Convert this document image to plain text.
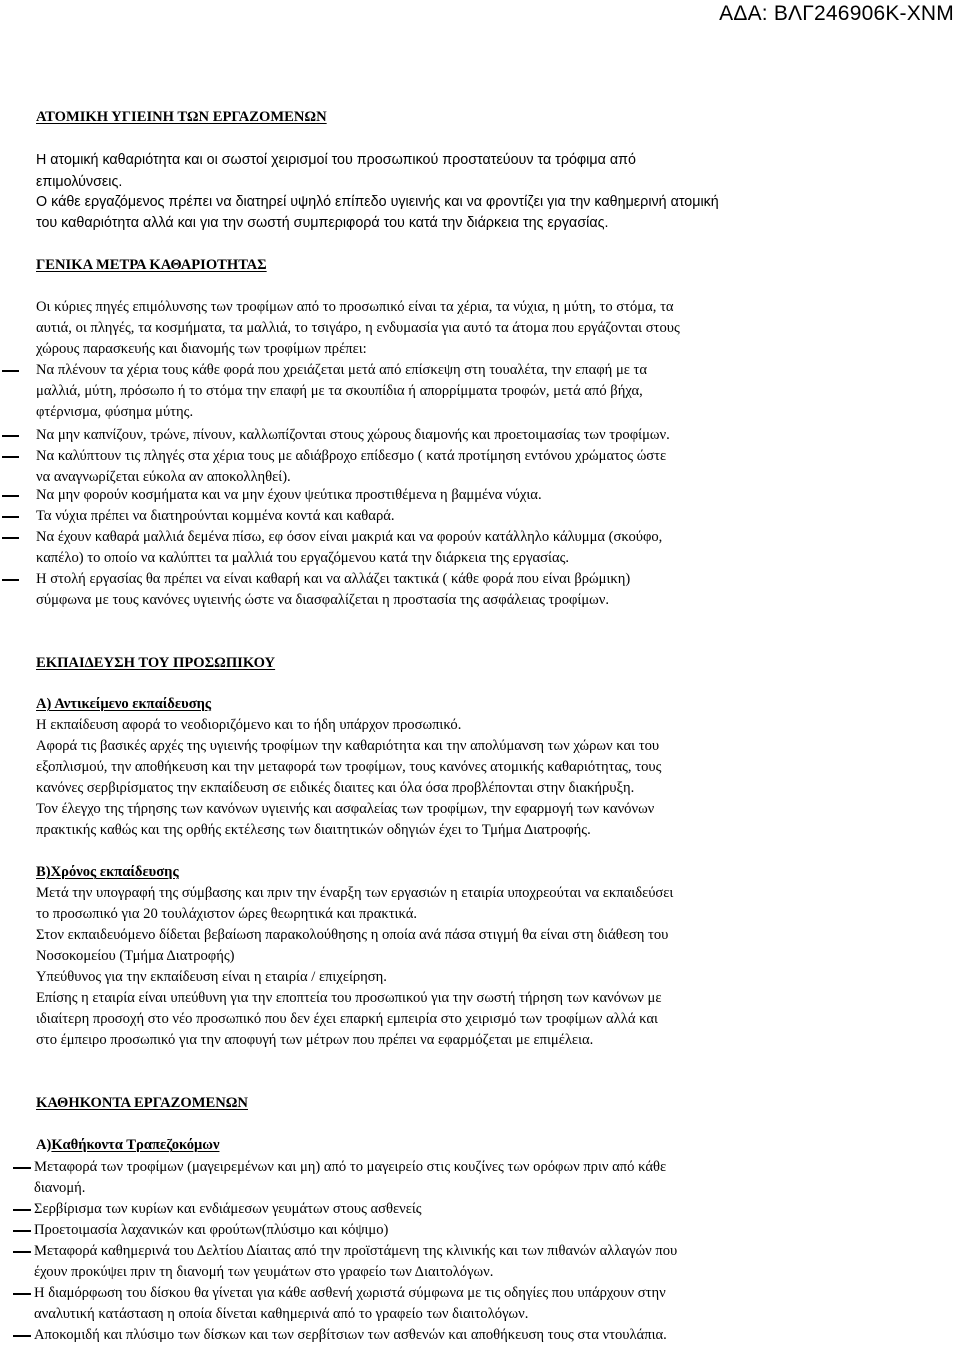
ΑΔΑ: ΒΛΓ246906Κ-ΧΝΜ
ΑΤΟΜΙΚΗ ΥΓΙΕΙΝΗ ΤΩΝ ΕΡΓΑΖΟΜΕΝΩΝ
Η ατομική καθαριότητα και οι σωστοί χειρισμοί του προσωπικού προστατεύουν τα τρόφιμα από
επιμολύνσεις.
Ο κάθε εργαζόμενος πρέπει να διατηρεί υψηλό επίπεδο υγιεινής και να φροντίζει για την καθημερινή ατομική
του καθαριότητα αλλά και για την σωστή συμπεριφορά του κατά την διάρκεια της εργασίας.
ΓΕΝΙΚΑ ΜΕΤΡΑ ΚΑΘΑΡΙΟΤΗΤΑΣ
Οι κύριες πηγές επιμόλυνσης των τροφίμων από το προσωπικό είναι τα χέρια, τα νύχια, η μύτη, το στόμα, τα
αυτιά, οι πληγές, τα κοσμήματα, τα μαλλιά, το τσιγάρο, η ενδυμασία για αυτό τα άτομα που εργάζονται στους
χώρους παρασκευής και διανομής των τροφίμων πρέπει:
Να πλένουν τα χέρια τους κάθε φορά που χρειάζεται μετά από επίσκεψη στη τουαλέτα, την επαφή με τα
μαλλιά, μύτη, πρόσωπο ή το στόμα την επαφή με τα σκουπίδια ή απορρίμματα τροφών, μετά από βήχα,
φτέρνισμα, φύσημα μύτης.
Να μην καπνίζουν, τρώνε, πίνουν, καλλωπίζονται στους χώρους διαμονής και προετοιμασίας των τροφίμων.
Να καλύπτουν τις πληγές στα χέρια τους με αδιάβροχο επίδεσμο ( κατά προτίμηση εντόνου χρώματος ώστε
να αναγνωρίζεται εύκολα αν αποκολληθεί).
Να μην φορούν κοσμήματα και να μην έχουν ψεύτικα προστιθέμενα η βαμμένα νύχια.
Τα νύχια πρέπει να διατηρούνται κομμένα κοντά και καθαρά.
Να έχουν καθαρά μαλλιά δεμένα πίσω, εφ όσον είναι μακριά και να φορούν κατάλληλο κάλυμμα (σκούφο,
καπέλο) το οποίο να καλύπτει τα μαλλιά του εργαζόμενου κατά την διάρκεια της εργασίας.
Η στολή εργασίας θα πρέπει να είναι καθαρή και να αλλάζει τακτικά ( κάθε φορά που είναι βρώμικη)
σύμφωνα με τους κανόνες υγιεινής ώστε να διασφαλίζεται η προστασία της ασφάλειας τροφίμων.
ΕΚΠΑΙΔΕΥΣΗ ΤΟΥ ΠΡΟΣΩΠΙΚΟΥ
Α) Αντικείμενο εκπαίδευσης
Η εκπαίδευση αφορά το νεοδιοριζόμενο και το ήδη υπάρχον προσωπικό.
Αφορά τις βασικές αρχές της υγιεινής τροφίμων την καθαριότητα και την απολύμανση των χώρων και του
εξοπλισμού, την αποθήκευση και την μεταφορά των τροφίμων, τους κανόνες ατομικής καθαριότητας, τους
κανόνες σερβιρίσματος την εκπαίδευση σε ειδικές διαιτες και όλα όσα προβλέπονται στην διακήρυξη.
Τον έλεγχο της τήρησης των κανόνων υγιεινής και ασφαλείας των τροφίμων, την εφαρμογή των κανόνων
πρακτικής καθώς και της ορθής εκτέλεσης των διαιτητικών οδηγιών έχει το Τμήμα Διατροφής.
Β)Χρόνος εκπαίδευσης
Μετά την υπογραφή της σύμβασης και πριν την έναρξη των εργασιών η εταιρία υποχρεούται να εκπαιδεύσει
το προσωπικό για 20 τουλάχιστον ώρες θεωρητικά και πρακτικά.
Στον εκπαιδευόμενο δίδεται βεβαίωση παρακολούθησης η οποία ανά πάσα στιγμή θα είναι στη διάθεση του
Νοσοκομείου (Τμήμα Διατροφής)
Υπεύθυνος για την εκπαίδευση είναι η εταιρία / επιχείρηση.
Επίσης η εταιρία είναι υπεύθυνη για την εποπτεία του προσωπικού για την σωστή τήρηση των κανόνων με
ιδιαίτερη προσοχή στο νέο προσωπικό που δεν έχει επαρκή εμπειρία στο χειρισμό των τροφίμων αλλά και
στο έμπειρο προσωπικό για την αποφυγή των μέτρων που πρέπει να εφαρμόζεται με επιμέλεια.
ΚΑΘΗΚΟΝΤΑ ΕΡΓΑΖΟΜΕΝΩΝ
Α)Καθήκοντα Τραπεζοκόμων
Μεταφορά των τροφίμων (μαγειρεμένων και μη) από το μαγειρείο στις κουζίνες των ορόφων πριν από κάθε
διανομή.
Σερβίρισμα των κυρίων και ενδιάμεσων γευμάτων στους ασθενείς
Προετοιμασία λαχανικών και φρούτων(πλύσιμο και κόψιμο)
Μεταφορά καθημερινά του Δελτίου Δίαιτας από την προϊστάμενη της κλινικής και των πιθανών αλλαγών που
έχουν προκύψει πριν τη διανομή των γευμάτων στο γραφείο των Διαιτολόγων.
Η διαμόρφωση του δίσκου θα γίνεται για κάθε ασθενή χωριστά σύμφωνα με τις οδηγίες που υπάρχουν στην
αναλυτική κατάσταση η οποία δίνεται καθημερινά από το γραφείο των διαιτολόγων.
Αποκομιδή και πλύσιμο των δίσκων και των σερβίτσιων των ασθενών και αποθήκευση τους στα ντουλάπια.
